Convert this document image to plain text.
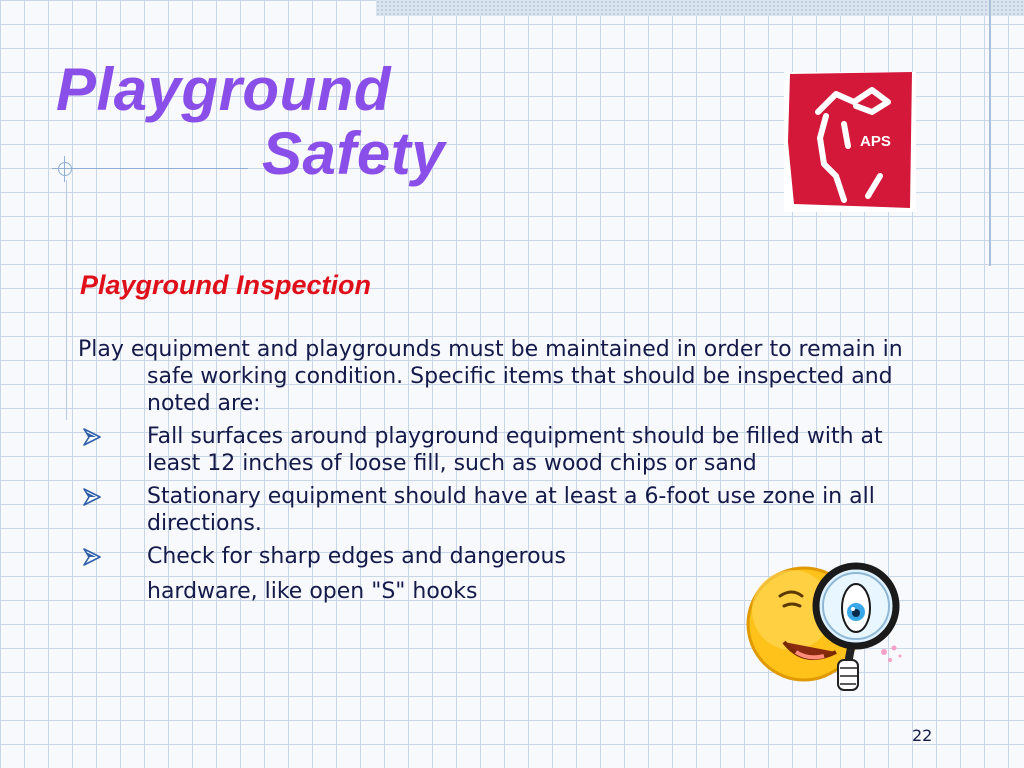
Playground
Safety	APS
Playground Inspection

Play equipment and playgrounds must be maintained in order to remain in safe working condition. Specific items that should be inspected and noted are:

Fall surfaces around playground equipment should be filled with at least 12 inches of loose fill, such as wood chips or sand
Stationary equipment should have at least a 6-foot use zone in all directions.
Check for sharp edges and dangerous
hardware, like open "S" hooks
22
